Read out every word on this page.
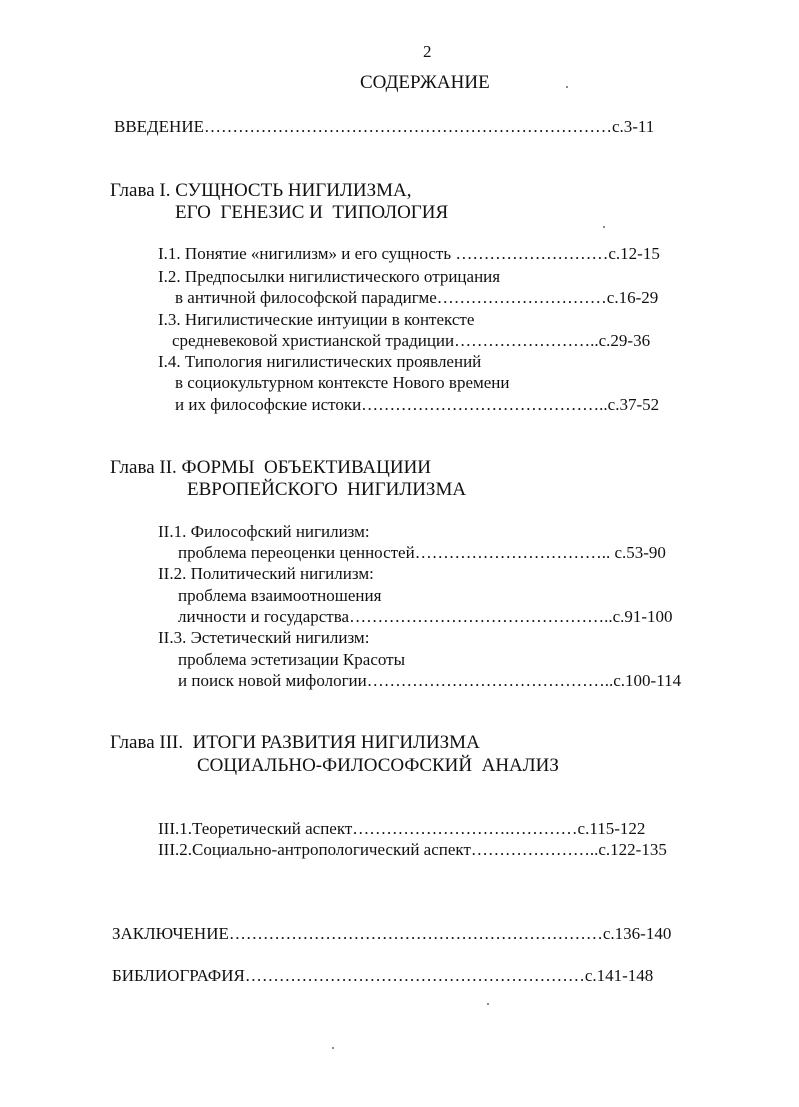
2
СОДЕРЖАНИЕ
ВВЕДЕНИЕ………………………………………………………………с.3-11
Глава I. СУЩНОСТЬ НИГИЛИЗМА,
ЕГО  ГЕНЕЗИС И  ТИПОЛОГИЯ
I.1. Понятие «нигилизм» и его сущность ………………………с.12-15
I.2. Предпосылки нигилистического отрицания
в античной философской парадигме…………………………с.16-29
I.3. Нигилистические интуиции в контексте
средневековой христианской традиции……………………..с.29-36
I.4. Типология нигилистических проявлений
в социокультурном контексте Нового времени
и их философские истоки……………………………………..с.37-52
Глава II. ФОРМЫ  ОБЪЕКТИВАЦИИИ
ЕВРОПЕЙСКОГО  НИГИЛИЗМА
II.1. Философский нигилизм:
проблема переоценки ценностей…………………………….. с.53-90
II.2. Политический нигилизм:
проблема взаимоотношения
личности и государства………………………………………..с.91-100
II.3. Эстетический нигилизм:
проблема эстетизации Красоты
и поиск новой мифологии……………………………………..с.100-114
Глава III.  ИТОГИ РАЗВИТИЯ НИГИЛИЗМА
СОЦИАЛЬНО-ФИЛОСОФСКИЙ  АНАЛИЗ
III.1.Теоретический аспект……………………….…………с.115-122
III.2.Социально-антропологический аспект…………………..с.122-135
ЗАКЛЮЧЕНИЕ…………………………………………………………с.136-140
БИБЛИОГРАФИЯ……………………………………………………с.141-148
